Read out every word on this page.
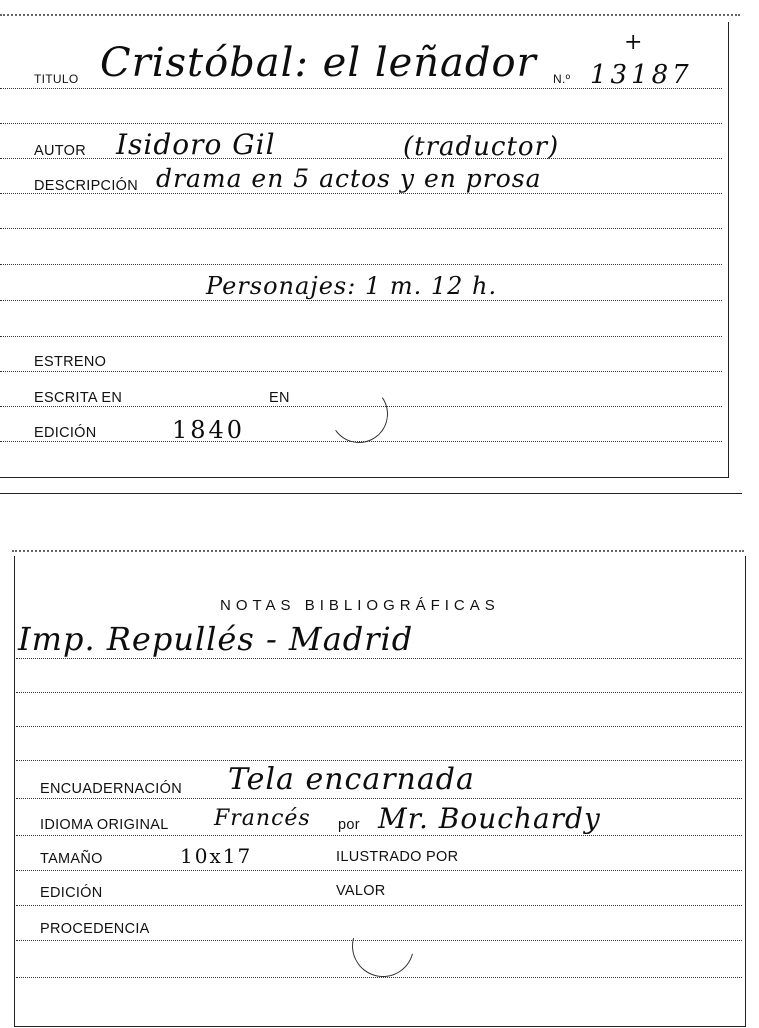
TITULO Cristóbal: el leñador N.º 13187
+
AUTOR Isidoro Gil	(traductor)
DESCRIPCIÓN drama en 5 actos y en prosa
Personajes: 1 m. 12 h.
ESTRENO
ESCRITA EN	EN
EDICIÓN	1840
NOTAS BIBLIOGRÁFICAS
Imp. Repullés - Madrid
ENCUADERNACIÓN Tela encarnada
IDIOMA ORIGINAL Francés por Mr. Bouchardy
TAMAÑO	10x17	ILUSTRADO POR
EDICIÓN	VALOR
PROCEDENCIA
